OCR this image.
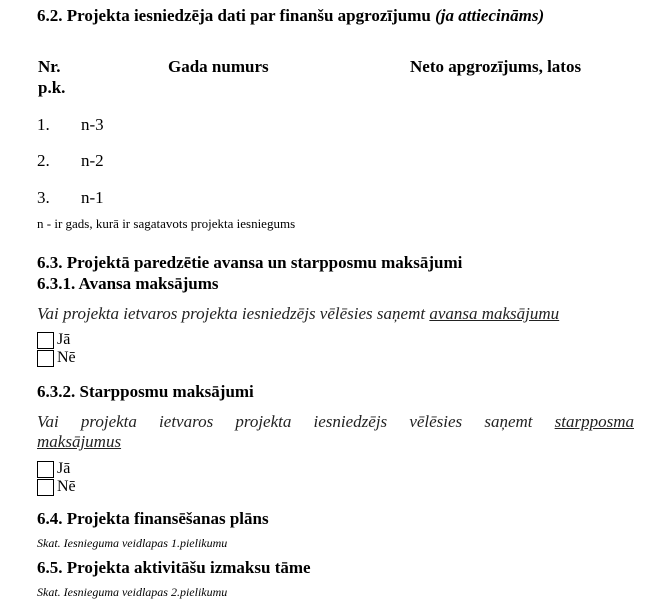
6.2. Projekta iesniedzēja dati par finanšu apgrozījumu (ja attiecināms)
Nr.
p.k.
Gada numurs	Neto apgrozījums, latos
1. n-3
2. n-2
3. n-1
n - ir gads, kurā ir sagatavots projekta iesniegums
6.3. Projektā paredzētie avansa un starpposmu maksājumi
6.3.1. Avansa maksājums
Vai projekta ietvaros projekta iesniedzējs vēlēsies saņemt avansa maksājumu
Jā
Nē
6.3.2. Starpposmu maksājumi
Vai projekta ietvaros projekta iesniedzējs vēlēsies saņemt starpposma
maksājumus
Jā
Nē
6.4. Projekta finansēšanas plāns
Skat. Iesnieguma veidlapas 1.pielikumu
6.5. Projekta aktivitāšu izmaksu tāme
Skat. Iesnieguma veidlapas 2.pielikumu
